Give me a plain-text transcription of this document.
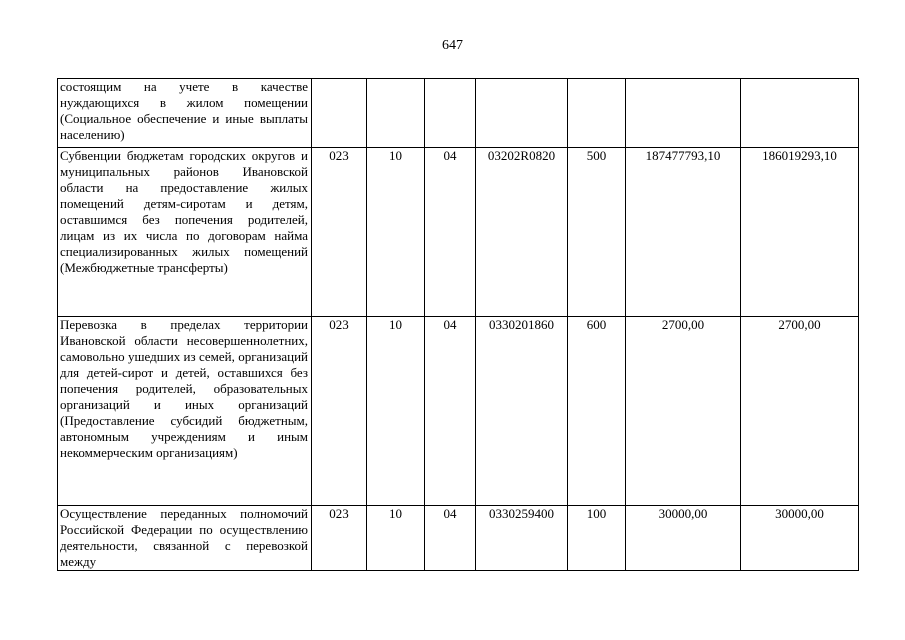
647
состоящим на учете в качестве нуждающихся в жилом помещении (Социальное обеспечение и иные выплаты населению)							
Субвенции бюджетам городских округов и муниципальных районов Ивановской области на предоставление жилых помещений детям-сиротам и детям, оставшимся без попечения родителей, лицам из их числа по договорам найма специализированных жилых помещений (Межбюджетные трансферты)	023	10	04	03202R0820	500	187477793,10	186019293,10
Перевозка в пределах территории Ивановской области несовершеннолетних, самовольно ушедших из семей, организаций для детей-сирот и детей, оставшихся без попечения родителей, образовательных организаций и иных организаций (Предоставление субсидий бюджетным, автономным учреждениям и иным некоммерческим организациям)	023	10	04	0330201860	600	2700,00	2700,00
Осуществление переданных полномочий Российской Федерации по осуществлению деятельности, связанной с перевозкой между	023	10	04	0330259400	100	30000,00	30000,00
